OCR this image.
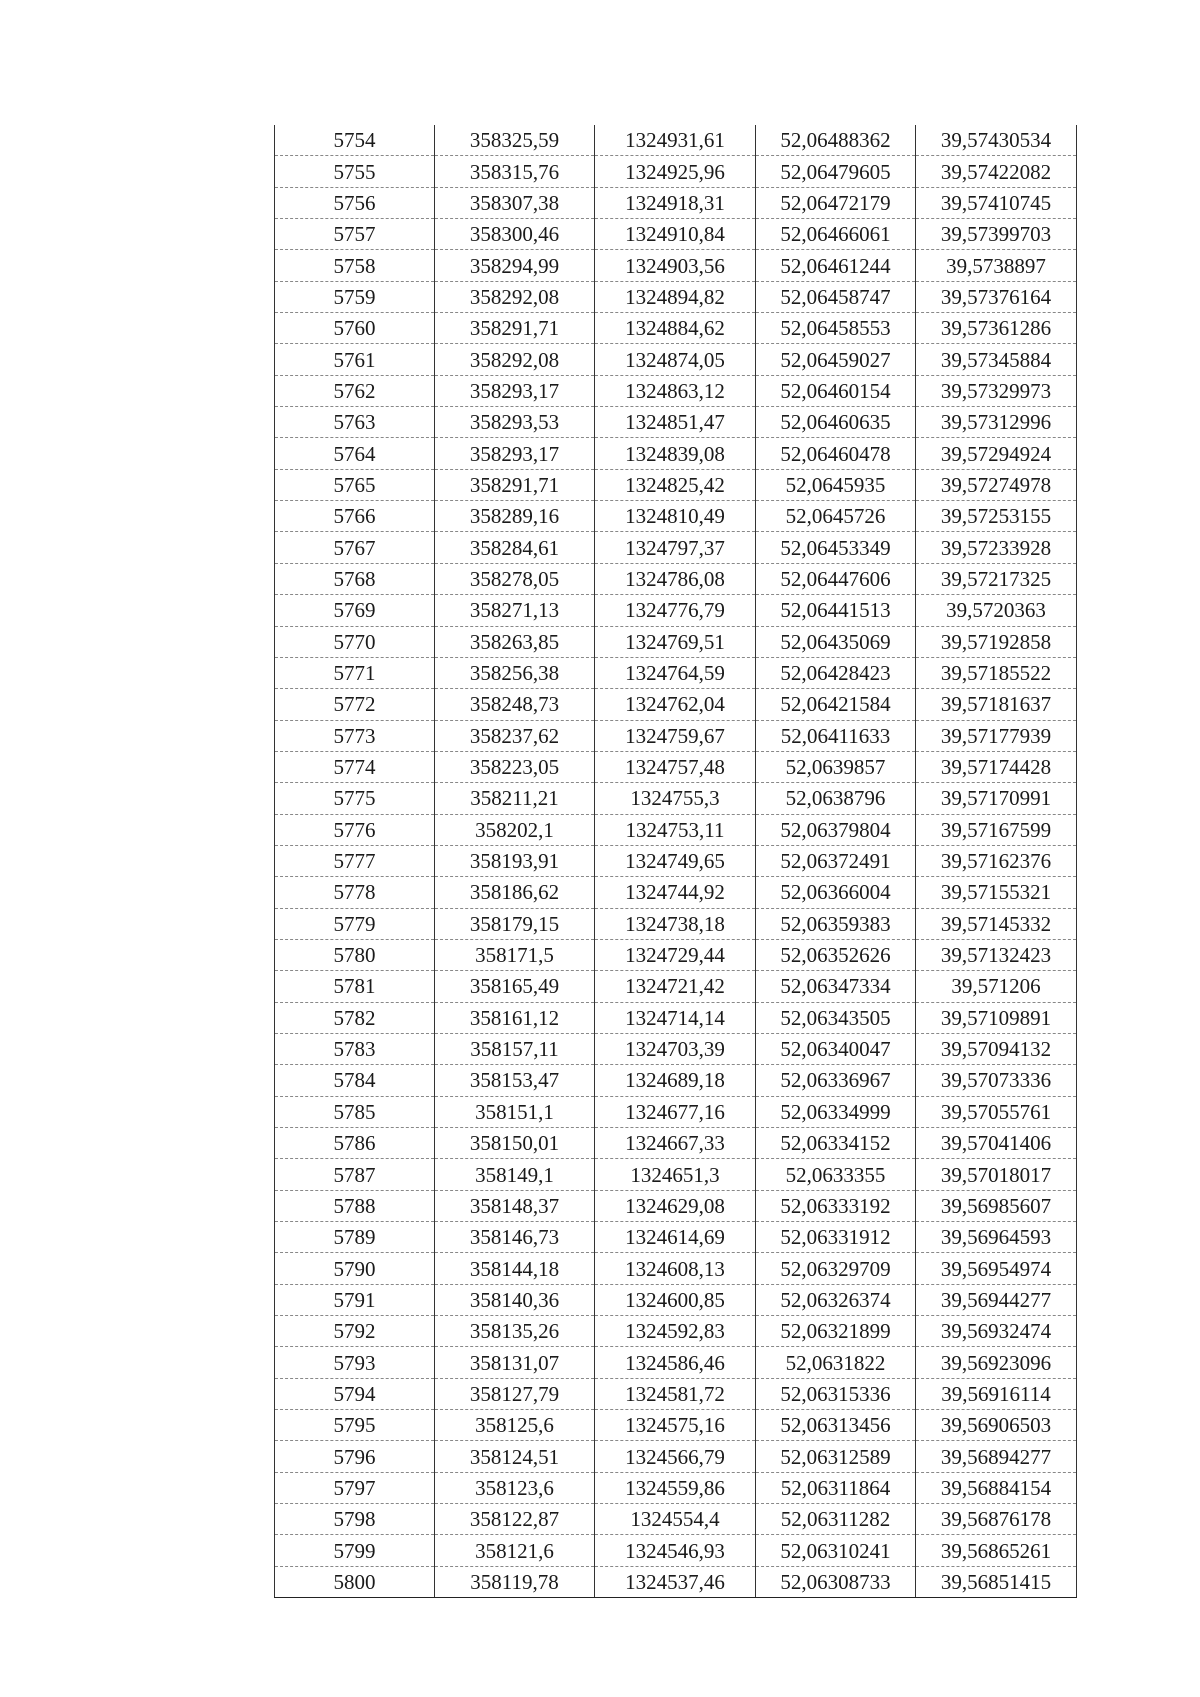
5754	358325,59	1324931,61	52,06488362	39,57430534
5755	358315,76	1324925,96	52,06479605	39,57422082
5756	358307,38	1324918,31	52,06472179	39,57410745
5757	358300,46	1324910,84	52,06466061	39,57399703
5758	358294,99	1324903,56	52,06461244	39,5738897
5759	358292,08	1324894,82	52,06458747	39,57376164
5760	358291,71	1324884,62	52,06458553	39,57361286
5761	358292,08	1324874,05	52,06459027	39,57345884
5762	358293,17	1324863,12	52,06460154	39,57329973
5763	358293,53	1324851,47	52,06460635	39,57312996
5764	358293,17	1324839,08	52,06460478	39,57294924
5765	358291,71	1324825,42	52,0645935	39,57274978
5766	358289,16	1324810,49	52,0645726	39,57253155
5767	358284,61	1324797,37	52,06453349	39,57233928
5768	358278,05	1324786,08	52,06447606	39,57217325
5769	358271,13	1324776,79	52,06441513	39,5720363
5770	358263,85	1324769,51	52,06435069	39,57192858
5771	358256,38	1324764,59	52,06428423	39,57185522
5772	358248,73	1324762,04	52,06421584	39,57181637
5773	358237,62	1324759,67	52,06411633	39,57177939
5774	358223,05	1324757,48	52,0639857	39,57174428
5775	358211,21	1324755,3	52,0638796	39,57170991
5776	358202,1	1324753,11	52,06379804	39,57167599
5777	358193,91	1324749,65	52,06372491	39,57162376
5778	358186,62	1324744,92	52,06366004	39,57155321
5779	358179,15	1324738,18	52,06359383	39,57145332
5780	358171,5	1324729,44	52,06352626	39,57132423
5781	358165,49	1324721,42	52,06347334	39,571206
5782	358161,12	1324714,14	52,06343505	39,57109891
5783	358157,11	1324703,39	52,06340047	39,57094132
5784	358153,47	1324689,18	52,06336967	39,57073336
5785	358151,1	1324677,16	52,06334999	39,57055761
5786	358150,01	1324667,33	52,06334152	39,57041406
5787	358149,1	1324651,3	52,0633355	39,57018017
5788	358148,37	1324629,08	52,06333192	39,56985607
5789	358146,73	1324614,69	52,06331912	39,56964593
5790	358144,18	1324608,13	52,06329709	39,56954974
5791	358140,36	1324600,85	52,06326374	39,56944277
5792	358135,26	1324592,83	52,06321899	39,56932474
5793	358131,07	1324586,46	52,0631822	39,56923096
5794	358127,79	1324581,72	52,06315336	39,56916114
5795	358125,6	1324575,16	52,06313456	39,56906503
5796	358124,51	1324566,79	52,06312589	39,56894277
5797	358123,6	1324559,86	52,06311864	39,56884154
5798	358122,87	1324554,4	52,06311282	39,56876178
5799	358121,6	1324546,93	52,06310241	39,56865261
5800	358119,78	1324537,46	52,06308733	39,56851415
